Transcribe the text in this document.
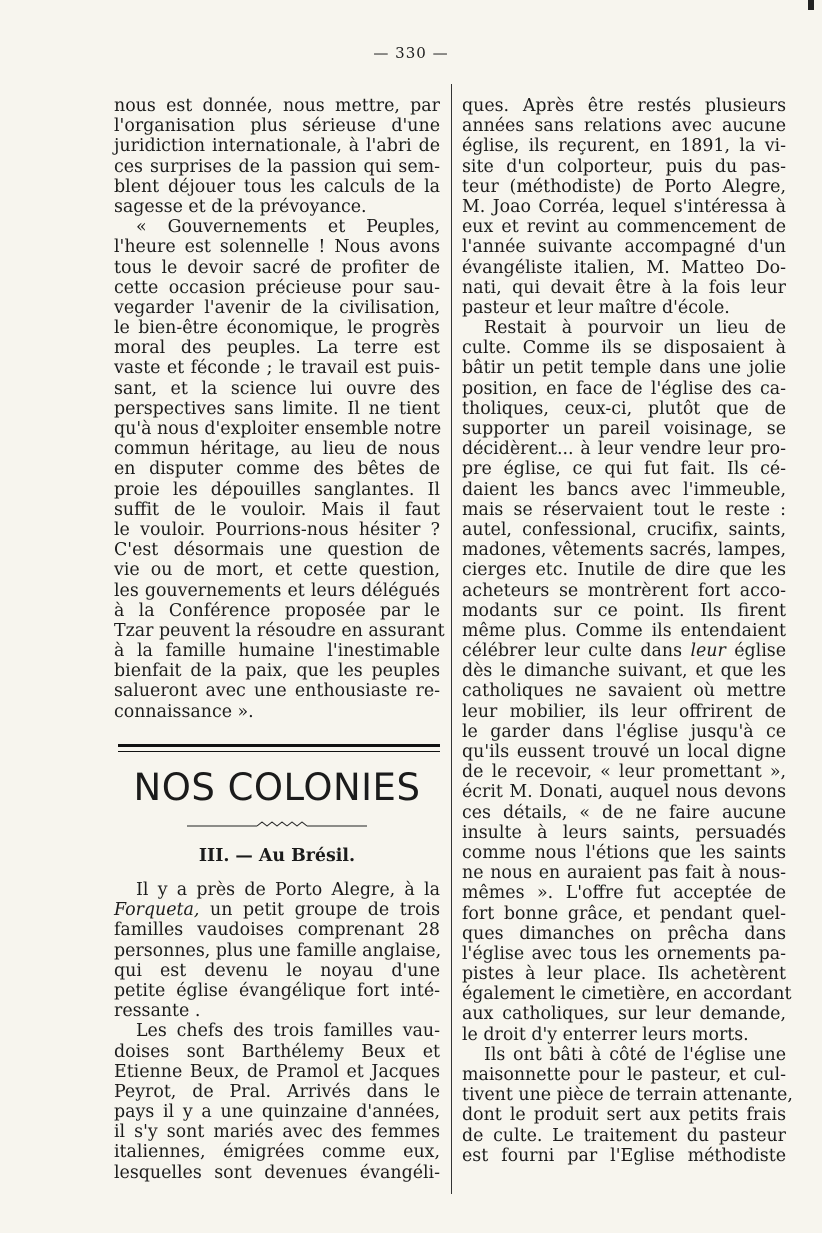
— 330 —
nous est donnée, nous mettre, par
l'organisation plus sérieuse d'une
juridiction internationale, à l'abri de
ces surprises de la passion qui sem-
blent déjouer tous les calculs de la
sagesse et de la prévoyance.
« Gouvernements et Peuples,
l'heure est solennelle ! Nous avons
tous le devoir sacré de profiter de
cette occasion précieuse pour sau-
vegarder l'avenir de la civilisation,
le bien-être économique, le progrès
moral des peuples. La terre est
vaste et féconde ; le travail est puis-
sant, et la science lui ouvre des
perspectives sans limite. Il ne tient
qu'à nous d'exploiter ensemble notre
commun héritage, au lieu de nous
en disputer comme des bêtes de
proie les dépouilles sanglantes. Il
suffit de le vouloir. Mais il faut
le vouloir. Pourrions-nous hésiter ?
C'est désormais une question de
vie ou de mort, et cette question,
les gouvernements et leurs délégués
à la Conférence proposée par le
Tzar peuvent la résoudre en assurant
à la famille humaine l'inestimable
bienfait de la paix, que les peuples
salueront avec une enthousiaste re-
connaissance ».
NOS COLONIES
III. — Au Brésil.
Il y a près de Porto Alegre, à la
Forqueta, un petit groupe de trois
familles vaudoises comprenant 28
personnes, plus une famille anglaise,
qui est devenu le noyau d'une
petite église évangélique fort inté-
ressante .
Les chefs des trois familles vau-
doises sont Barthélemy Beux et
Etienne Beux, de Pramol et Jacques
Peyrot, de Pral. Arrivés dans le
pays il y a une quinzaine d'années,
il s'y sont mariés avec des femmes
italiennes, émigrées comme eux,
lesquelles sont devenues évangéli-
ques. Après être restés plusieurs
années sans relations avec aucune
église, ils reçurent, en 1891, la vi-
site d'un colporteur, puis du pas-
teur (méthodiste) de Porto Alegre,
M. Joao Corréa, lequel s'intéressa à
eux et revint au commencement de
l'année suivante accompagné d'un
évangéliste italien, M. Matteo Do-
nati, qui devait être à la fois leur
pasteur et leur maître d'école.
Restait à pourvoir un lieu de
culte. Comme ils se disposaient à
bâtir un petit temple dans une jolie
position, en face de l'église des ca-
tholiques, ceux-ci, plutôt que de
supporter un pareil voisinage, se
décidèrent... à leur vendre leur pro-
pre église, ce qui fut fait. Ils cé-
daient les bancs avec l'immeuble,
mais se réservaient tout le reste :
autel, confessional, crucifix, saints,
madones, vêtements sacrés, lampes,
cierges etc. Inutile de dire que les
acheteurs se montrèrent fort acco-
modants sur ce point. Ils firent
même plus. Comme ils entendaient
célébrer leur culte dans leur église
dès le dimanche suivant, et que les
catholiques ne savaient où mettre
leur mobilier, ils leur offrirent de
le garder dans l'église jusqu'à ce
qu'ils eussent trouvé un local digne
de le recevoir, « leur promettant »,
écrit M. Donati, auquel nous devons
ces détails, « de ne faire aucune
insulte à leurs saints, persuadés
comme nous l'étions que les saints
ne nous en auraient pas fait à nous-
mêmes ». L'offre fut acceptée de
fort bonne grâce, et pendant quel-
ques dimanches on prêcha dans
l'église avec tous les ornements pa-
pistes à leur place. Ils achetèrent
également le cimetière, en accordant
aux catholiques, sur leur demande,
le droit d'y enterrer leurs morts.
Ils ont bâti à côté de l'église une
maisonnette pour le pasteur, et cul-
tivent une pièce de terrain attenante,
dont le produit sert aux petits frais
de culte. Le traitement du pasteur
est fourni par l'Eglise méthodiste
